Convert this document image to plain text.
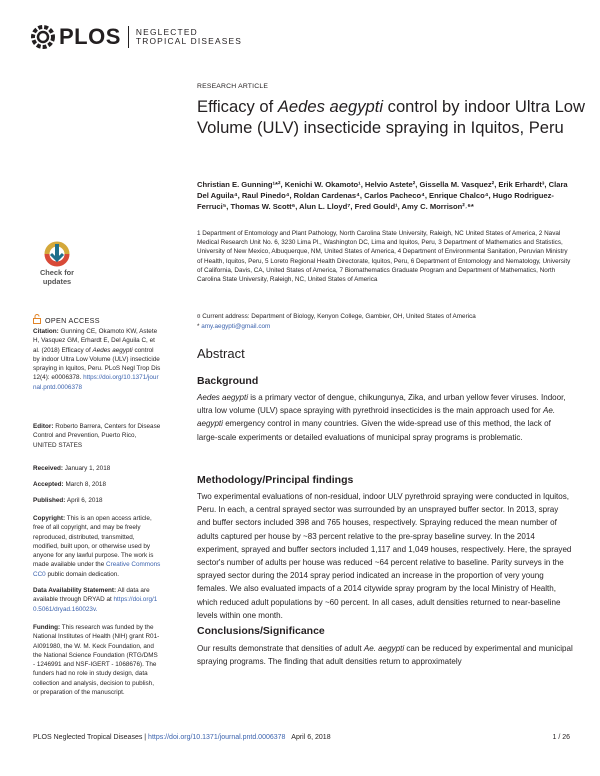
PLOS NEGLECTED
TROPICAL DISEASES
Check for
updates
OPEN ACCESS
Citation: Gunning CE, Okamoto KW, Astete H, Vasquez GM, Erhardt E, Del Aguila C, et al. (2018) Efficacy of Aedes aegypti control by indoor Ultra Low Volume (ULV) insecticide spraying in Iquitos, Peru. PLoS Negl Trop Dis 12(4): e0006378. https://doi.org/10.1371/journal.pntd.0006378
Editor: Roberto Barrera, Centers for Disease Control and Prevention, Puerto Rico, UNITED STATES
Received: January 1, 2018
Accepted: March 8, 2018
Published: April 6, 2018
Copyright: This is an open access article, free of all copyright, and may be freely reproduced, distributed, transmitted, modified, built upon, or otherwise used by anyone for any lawful purpose. The work is made available under the Creative Commons CC0 public domain dedication.
Data Availability Statement: All data are available through DRYAD at https://doi.org/10.5061/dryad.160023v.
Funding: This research was funded by the National Institutes of Health (NIH) grant R01-AI091980, the W. M. Keck Foundation, and the National Science Foundation (RTG/DMS - 1246991 and NSF-IGERT - 1068676). The funders had no role in study design, data collection and analysis, decision to publish, or preparation of the manuscript.
RESEARCH ARTICLE
Efficacy of Aedes aegypti control by indoor Ultra Low Volume (ULV) insecticide spraying in Iquitos, Peru
Christian E. Gunning¹*², Kenichi W. Okamoto¹, Helvio Astete², Gissella M. Vasquez², Erik Erhardt³, Clara Del Aguila⁴, Raul Pinedo⁴, Roldan Cardenas⁴, Carlos Pacheco⁴, Enrique Chalco⁴, Hugo Rodriguez-Ferruci⁵, Thomas W. Scott⁶, Alun L. Lloyd⁷, Fred Gould¹, Amy C. Morrison²˒⁶*
1 Department of Entomology and Plant Pathology, North Carolina State University, Raleigh, NC United States of America, 2 Naval Medical Research Unit No. 6, 3230 Lima Pl., Washington DC, Lima and Iquitos, Peru, 3 Department of Mathematics and Statistics, University of New Mexico, Albuquerque, NM, United States of America, 4 Department of Environmental Sanitation, Peruvian Ministry of Health, Iquitos, Peru, 5 Loreto Regional Health Directorate, Iquitos, Peru, 6 Department of Entomology and Nematology, University of California, Davis, CA, United States of America, 7 Biomathematics Graduate Program and Department of Mathematics, North Carolina State University, Raleigh, NC, United States of America
¤ Current address: Department of Biology, Kenyon College, Gambier, OH, United States of America
* amy.aegypti@gmail.com
Abstract
Background
Aedes aegypti is a primary vector of dengue, chikungunya, Zika, and urban yellow fever viruses. Indoor, ultra low volume (ULV) space spraying with pyrethroid insecticides is the main approach used for Ae. aegypti emergency control in many countries. Given the wide-spread use of this method, the lack of large-scale experiments or detailed evaluations of municipal spray programs is problematic.
Methodology/Principal findings
Two experimental evaluations of non-residual, indoor ULV pyrethroid spraying were conducted in Iquitos, Peru. In each, a central sprayed sector was surrounded by an unsprayed buffer sector. In 2013, spray and buffer sectors included 398 and 765 houses, respectively. Spraying reduced the mean number of adults captured per house by ~83 percent relative to the pre-spray baseline survey. In the 2014 experiment, sprayed and buffer sectors included 1,117 and 1,049 houses, respectively. Here, the sprayed sector's number of adults per house was reduced ~64 percent relative to baseline. Parity surveys in the sprayed sector during the 2014 spray period indicated an increase in the proportion of very young females. We also evaluated impacts of a 2014 citywide spray program by the local Ministry of Health, which reduced adult populations by ~60 percent. In all cases, adult densities returned to near-baseline levels within one month.
Conclusions/Significance
Our results demonstrate that densities of adult Ae. aegypti can be reduced by experimental and municipal spraying programs. The finding that adult densities return to approximately
PLOS Neglected Tropical Diseases |
https://doi.org/10.1371/journal.pntd.0006378
April 6, 2018	1 / 26
